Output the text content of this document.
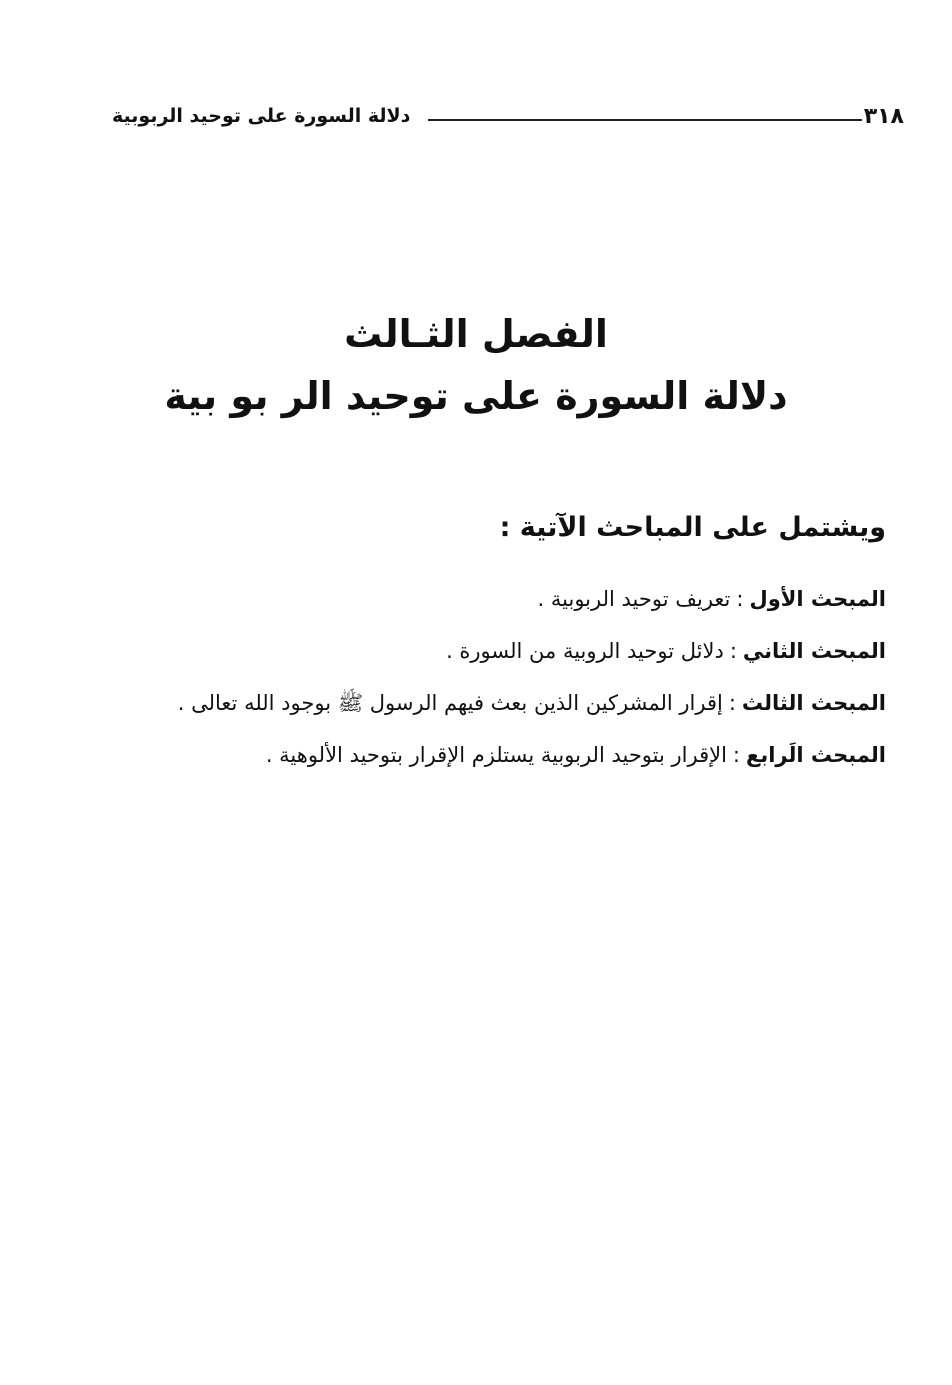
٣١٨
دلالة السورة على توحيد الربوبية
الفصل الثـالث
دلالة السورة على توحيد الر بو بية
ويشتمل على المباحث الآتية :
المبحث الأول:تعريف توحيد الربوبية .
المبحث الثاني:دلائل توحيد الروبية من السورة .
المبحث الثالث:إقرار المشركين الذين بعث فيهم الرسول ﷺ بوجود الله تعالى .
المبحث الَرابع:الإقرار بتوحيد الربوبية يستلزم الإقرار بتوحيد الألوهية .
